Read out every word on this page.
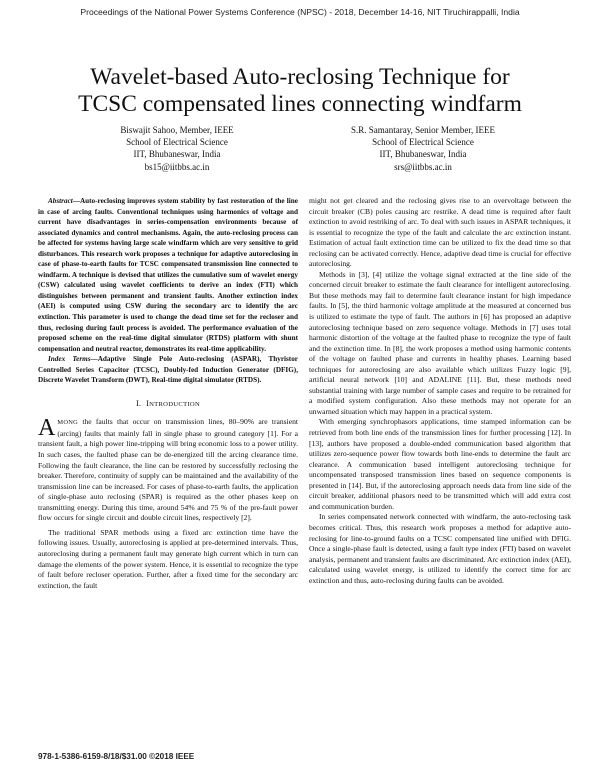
Proceedings of the National Power Systems Conference (NPSC) - 2018, December 14-16, NIT Tiruchirappalli, India
Wavelet-based Auto-reclosing Technique for
TCSC compensated lines connecting windfarm
Biswajit Sahoo, Member, IEEE
School of Electrical Science
IIT, Bhubaneswar, India
bs15@iitbbs.ac.in
S.R. Samantaray, Senior Member, IEEE
School of Electrical Science
IIT, Bhubaneswar, India
srs@iitbbs.ac.in

Abstract—Auto-reclosing improves system stability by fast restoration of the line in case of arcing faults. Conventional techniques using harmonics of voltage and current have disadvantages in series-compensation environments because of associated dynamics and control mechanisms. Again, the auto-reclosing process can be affected for systems having large scale windfarm which are very sensitive to grid disturbances. This research work proposes a technique for adaptive autoreclosing in case of phase-to-earth faults for TCSC compensated transmission line connected to windfarm. A technique is devised that utilizes the cumulative sum of wavelet energy (CSW) calculated using wavelet coefficients to derive an index (FTI) which distinguishes between permanent and transient faults. Another extinction index (AEI) is computed using CSW during the secondary arc to identify the arc extinction. This parameter is used to change the dead time set for the recloser and thus, reclosing during fault process is avoided. The performance evaluation of the proposed scheme on the real-time digital simulator (RTDS) platform with shunt compensation and neutral reactor, demonstrates its real-time applicability.

Index Terms—Adaptive Single Pole Auto-reclosing (ASPAR), Thyristor Controlled Series Capacitor (TCSC), Doubly-fed Induction Generator (DFIG), Discrete Wavelet Transform (DWT), Real-time digital simulator (RTDS).

I. INTRODUCTION

AMONG the faults that occur on transmission lines, 80–90% are transient (arcing) faults that mainly fall in single phase to ground category [1]. For a transient fault, a high power line-tripping will bring economic loss to a power utility. In such cases, the faulted phase can be de-energized till the arcing clearance time. Following the fault clearance, the line can be restored by successfully reclosing the breaker. Therefore, continuity of supply can be maintained and the availability of the transmission line can be increased. For cases of phase-to-earth faults, the application of single-phase auto reclosing (SPAR) is required as the other phases keep on transmitting energy. During this time, around 54% and 75 % of the pre-fault power flow occurs for single circuit and double circuit lines, respectively [2].

The traditional SPAR methods using a fixed arc extinction time have the following issues. Usually, autoreclosing is applied at pre-determined intervals. Thus, autoreclosing during a permanent fault may generate high current which in turn can damage the elements of the power system. Hence, it is essential to recognize the type of fault before recloser operation. Further, after a fixed time for the secondary arc extinction, the fault

might not get cleared and the reclosing gives rise to an overvoltage between the circuit breaker (CB) poles causing arc restrike. A dead time is required after fault extinction to avoid restriking of arc. To deal with such issues in ASPAR techniques, it is essential to recognize the type of the fault and calculate the arc extinction instant. Estimation of actual fault extinction time can be utilized to fix the dead time so that reclosing can be activated correctly. Hence, adaptive dead time is crucial for effective autoreclosing.

Methods in [3], [4] utilize the voltage signal extracted at the line side of the concerned circuit breaker to estimate the fault clearance for intelligent autoreclosing. But these methods may fail to determine fault clearance instant for high impedance faults. In [5], the third harmonic voltage amplitude at the measured at concerned bus is utilized to estimate the type of fault. The authors in [6] has proposed an adaptive autoreclosing technique based on zero sequence voltage. Methods in [7] uses total harmonic distortion of the voltage at the faulted phase to recognize the type of fault and the extinction time. In [8], the work proposes a method using harmonic contents of the voltage on faulted phase and currents in healthy phases. Learning based techniques for autoreclosing are also available which utilizes Fuzzy logic [9], artificial neural network [10] and ADALINE [11]. But, these methods need substantial training with large number of sample cases and require to be retrained for a modified system configuration. Also these methods may not operate for an unwarned situation which may happen in a practical system.

With emerging synchrophasors applications, time stamped information can be retrieved from both line ends of the transmission lines for further processing [12]. In [13], authors have proposed a double-ended communication based algorithm that utilizes zero-sequence power flow towards both line-ends to determine the fault arc clearance. A communication based intelligent autoreclosing technique for uncompensated transposed transmission lines based on sequence components is presented in [14]. But, if the autoreclosing approach needs data from line side of the circuit breaker, additional phasors need to be transmitted which will add extra cost and communication burden.

In series compensated network connected with windfarm, the auto-reclosing task becomes critical. Thus, this research work proposes a method for adaptive auto-reclosing for line-to-ground faults on a TCSC compensated line unified with DFIG. Once a single-phase fault is detected, using a fault type index (FTI) based on wavelet analysis, permanent and transient faults are discriminated. Arc extinction index (AEI), calculated using wavelet energy, is utilized to identify the correct time for arc extinction and thus, auto-reclosing during faults can be avoided.

978-1-5386-6159-8/18/$31.00 ©2018 IEEE
